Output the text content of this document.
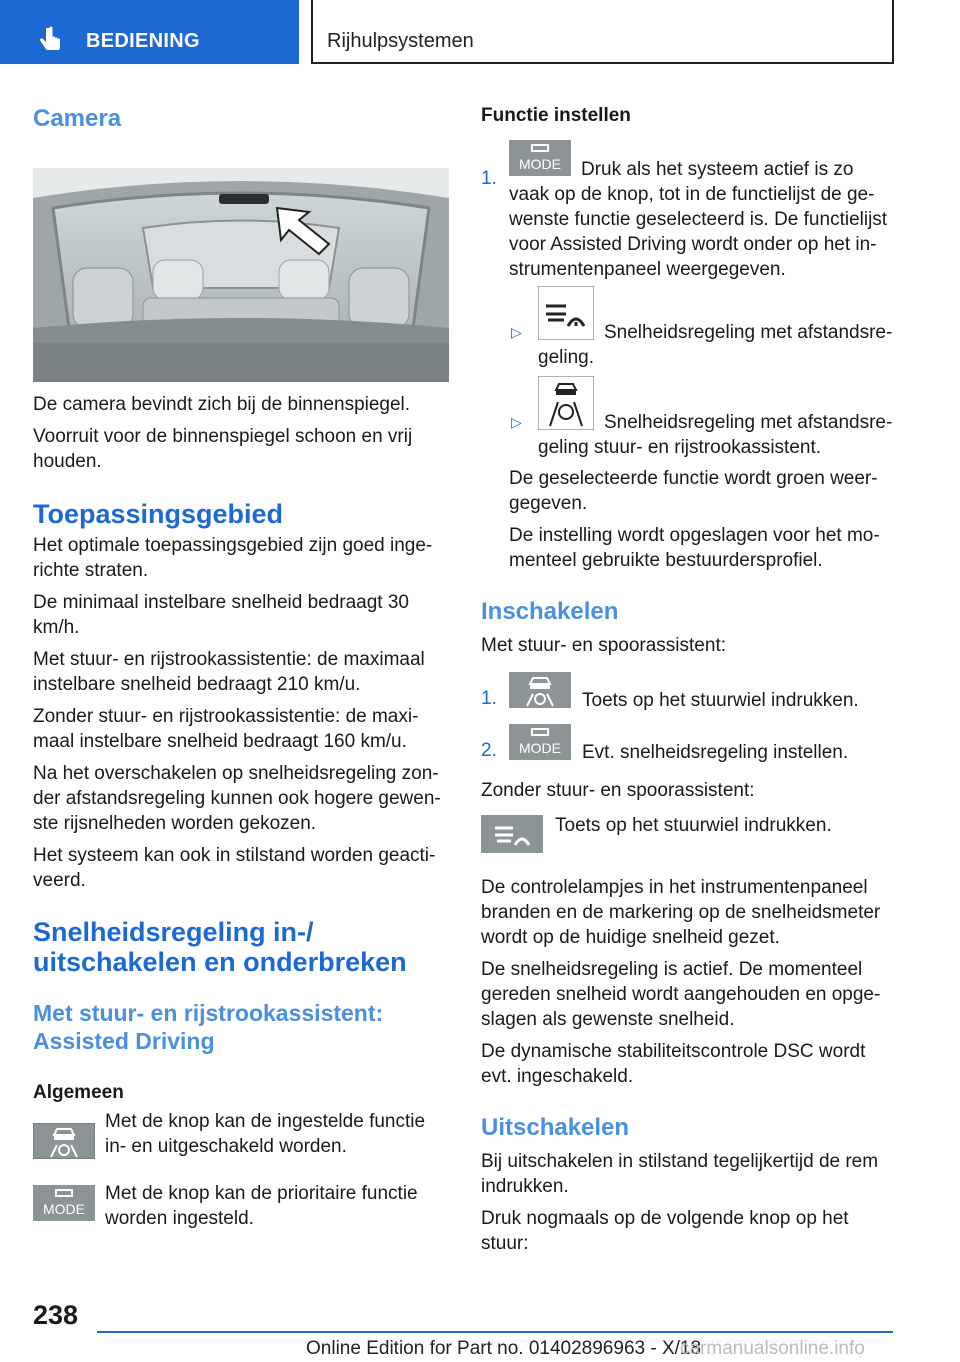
BEDIENING	Rijhulpsystemen
Camera

De camera bevindt zich bij de binnenspiegel.

Voorruit voor de binnenspiegel schoon en vrij houden.

Toepassingsgebied

Het optimale toepassingsgebied zijn goed inge-richte straten.

De minimaal instelbare snelheid bedraagt 30 km/h.

Met stuur- en rijstrookassistentie: de maximaal instelbare snelheid bedraagt 210 km/u.

Zonder stuur- en rijstrookassistentie: de maxi-maal instelbare snelheid bedraagt 160 km/u.

Na het overschakelen op snelheidsregeling zon-der afstandsregeling kunnen ook hogere gewen-ste rijsnelheden worden gekozen.

Het systeem kan ook in stilstand worden geacti-veerd.

Snelheidsregeling in-/
uitschakelen en onderbreken
Met stuur- en rijstrookassistent:
Assisted Driving
Algemeen

Met de knop kan de ingestelde functie in- en uitgeschakeld worden.

MODE

Met de knop kan de prioritaire functie worden ingesteld.

Functie instellen
1.
MODE	Druk als het systeem actief is zo vaak op de knop, tot in de functielijst de ge-wenste functie geselecteerd is. De functielijst voor Assisted Driving wordt onder op het in-strumentenpaneel weergegeven.

▷	Snelheidsregeling met afstandsre-geling.

▷	Snelheidsregeling met afstandsre-geling stuur- en rijstrookassistent.

De geselecteerde functie wordt groen weer-gegeven.

De instelling wordt opgeslagen voor het mo-menteel gebruikte bestuurdersprofiel.

Inschakelen

Met stuur- en spoorassistent:

1.	Toets op het stuurwiel indrukken.

2. MODE Evt. snelheidsregeling instellen.

Zonder stuur- en spoorassistent:

Toets op het stuurwiel indrukken.

De controlelampjes in het instrumentenpaneel branden en de markering op de snelheidsmeter wordt op de huidige snelheid gezet.

De snelheidsregeling is actief. De momenteel gereden snelheid wordt aangehouden en opge-slagen als gewenste snelheid.

De dynamische stabiliteitscontrole DSC wordt evt. ingeschakeld.

Uitschakelen

Bij uitschakelen in stilstand tegelijkertijd de rem indrukken.

Druk nogmaals op de volgende knop op het stuur:

238
Online Edition for Part no. 01402896963 - X/18
carmanualsonline.info
